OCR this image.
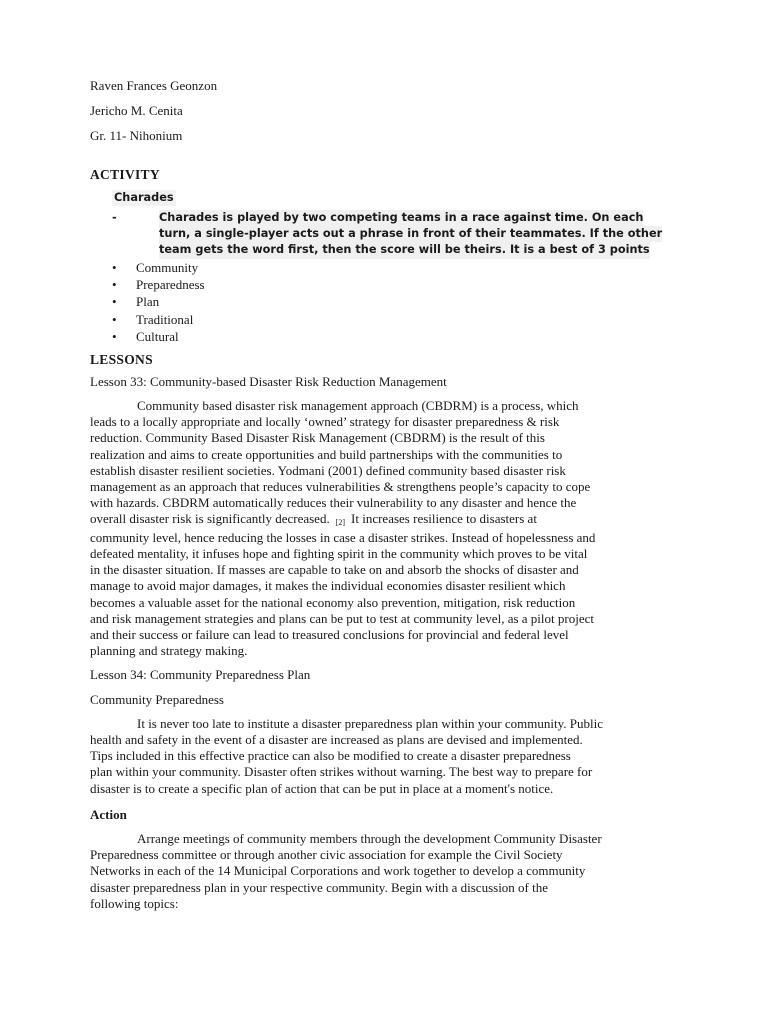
Raven Frances Geonzon
Jericho M. Cenita
Gr. 11- Nihonium
ACTIVITY
Charades
-	Charades is played by two competing teams in a race against time. On each
turn, a single-player acts out a phrase in front of their teammates. If the other
team gets the word first, then the score will be theirs. It is a best of 3 points
• Community
• Preparedness
• Plan
• Traditional
• Cultural
LESSONS
Lesson 33: Community-based Disaster Risk Reduction Management
Community based disaster risk management approach (CBDRM) is a process, which
leads to a locally appropriate and locally ‘owned’ strategy for disaster preparedness & risk
reduction. Community Based Disaster Risk Management (CBDRM) is the result of this
realization and aims to create opportunities and build partnerships with the communities to
establish disaster resilient societies. Yodmani (2001) defined community based disaster risk
management as an approach that reduces vulnerabilities & strengthens people’s capacity to cope
with hazards. CBDRM automatically reduces their vulnerability to any disaster and hence the
overall disaster risk is significantly decreased. [2] It increases resilience to disasters at
community level, hence reducing the losses in case a disaster strikes. Instead of hopelessness and
defeated mentality, it infuses hope and fighting spirit in the community which proves to be vital
in the disaster situation. If masses are capable to take on and absorb the shocks of disaster and
manage to avoid major damages, it makes the individual economies disaster resilient which
becomes a valuable asset for the national economy also prevention, mitigation, risk reduction
and risk management strategies and plans can be put to test at community level, as a pilot project
and their success or failure can lead to treasured conclusions for provincial and federal level
planning and strategy making.
Lesson 34: Community Preparedness Plan
Community Preparedness
It is never too late to institute a disaster preparedness plan within your community. Public
health and safety in the event of a disaster are increased as plans are devised and implemented.
Tips included in this effective practice can also be modified to create a disaster preparedness
plan within your community. Disaster often strikes without warning. The best way to prepare for
disaster is to create a specific plan of action that can be put in place at a moment's notice.
Action
Arrange meetings of community members through the development Community Disaster
Preparedness committee or through another civic association for example the Civil Society
Networks in each of the 14 Municipal Corporations and work together to develop a community
disaster preparedness plan in your respective community. Begin with a discussion of the
following topics:
